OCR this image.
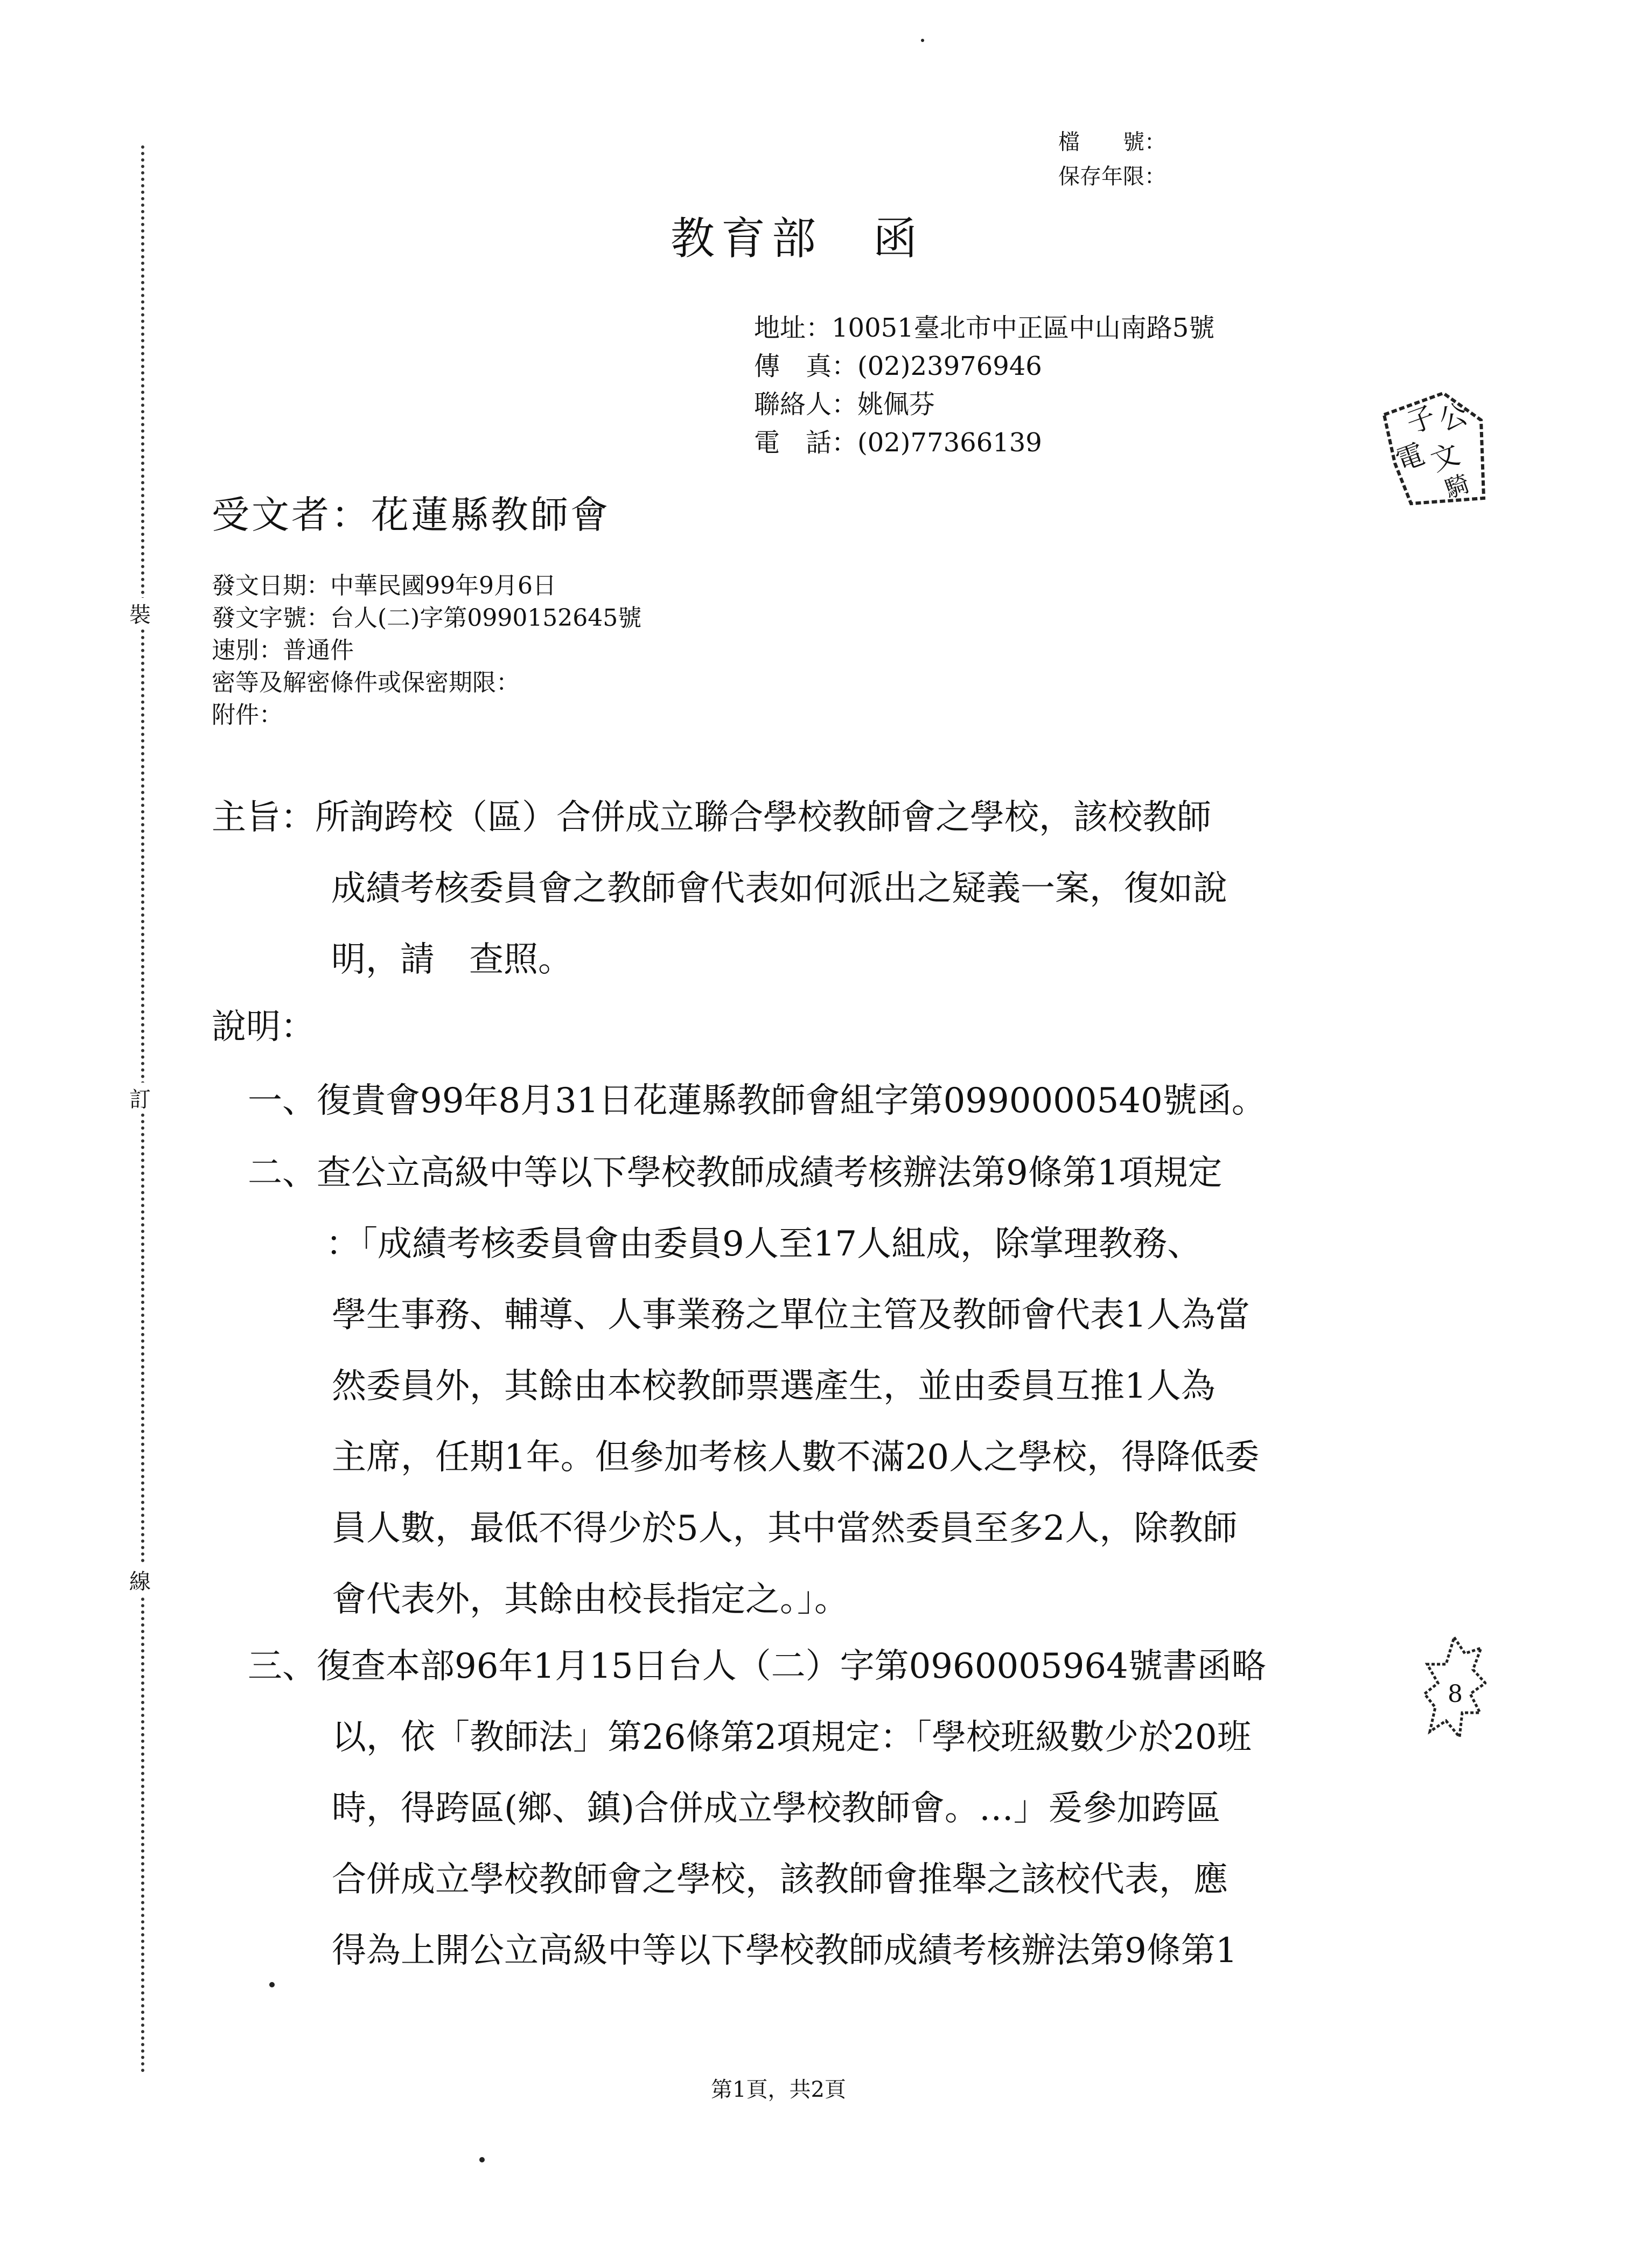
裝
訂
線
檔　　號：
保存年限：
教育部　函
地址：10051臺北市中正區中山南路5號
傳　真：(02)23976946
聯絡人：姚佩芬
電　話：(02)77366139
子
公
電
文
騎
受文者：花蓮縣教師會
發文日期：中華民國99年9月6日
發文字號：台人(二)字第0990152645號
速別：普通件
密等及解密條件或保密期限：
附件：
主旨：所詢跨校（區）合併成立聯合學校教師會之學校，該校教師
成績考核委員會之教師會代表如何派出之疑義一案，復如說
明，請　查照。
說明：
一、復貴會99年8月31日花蓮縣教師會組字第0990000540號函。
二、查公立高級中等以下學校教師成績考核辦法第9條第1項規定
：「成績考核委員會由委員9人至17人組成，除掌理教務、
學生事務、輔導、人事業務之單位主管及教師會代表1人為當
然委員外，其餘由本校教師票選產生，並由委員互推1人為
主席，任期1年。但參加考核人數不滿20人之學校，得降低委
員人數，最低不得少於5人，其中當然委員至多2人，除教師
會代表外，其餘由校長指定之。」。
三、復查本部96年1月15日台人（二）字第0960005964號書函略
以，依「教師法」第26條第2項規定：「學校班級數少於20班
時，得跨區(鄉、鎮)合併成立學校教師會。…」爰參加跨區
合併成立學校教師會之學校，該教師會推舉之該校代表，應
得為上開公立高級中等以下學校教師成績考核辦法第9條第1
8
第1頁，共2頁
